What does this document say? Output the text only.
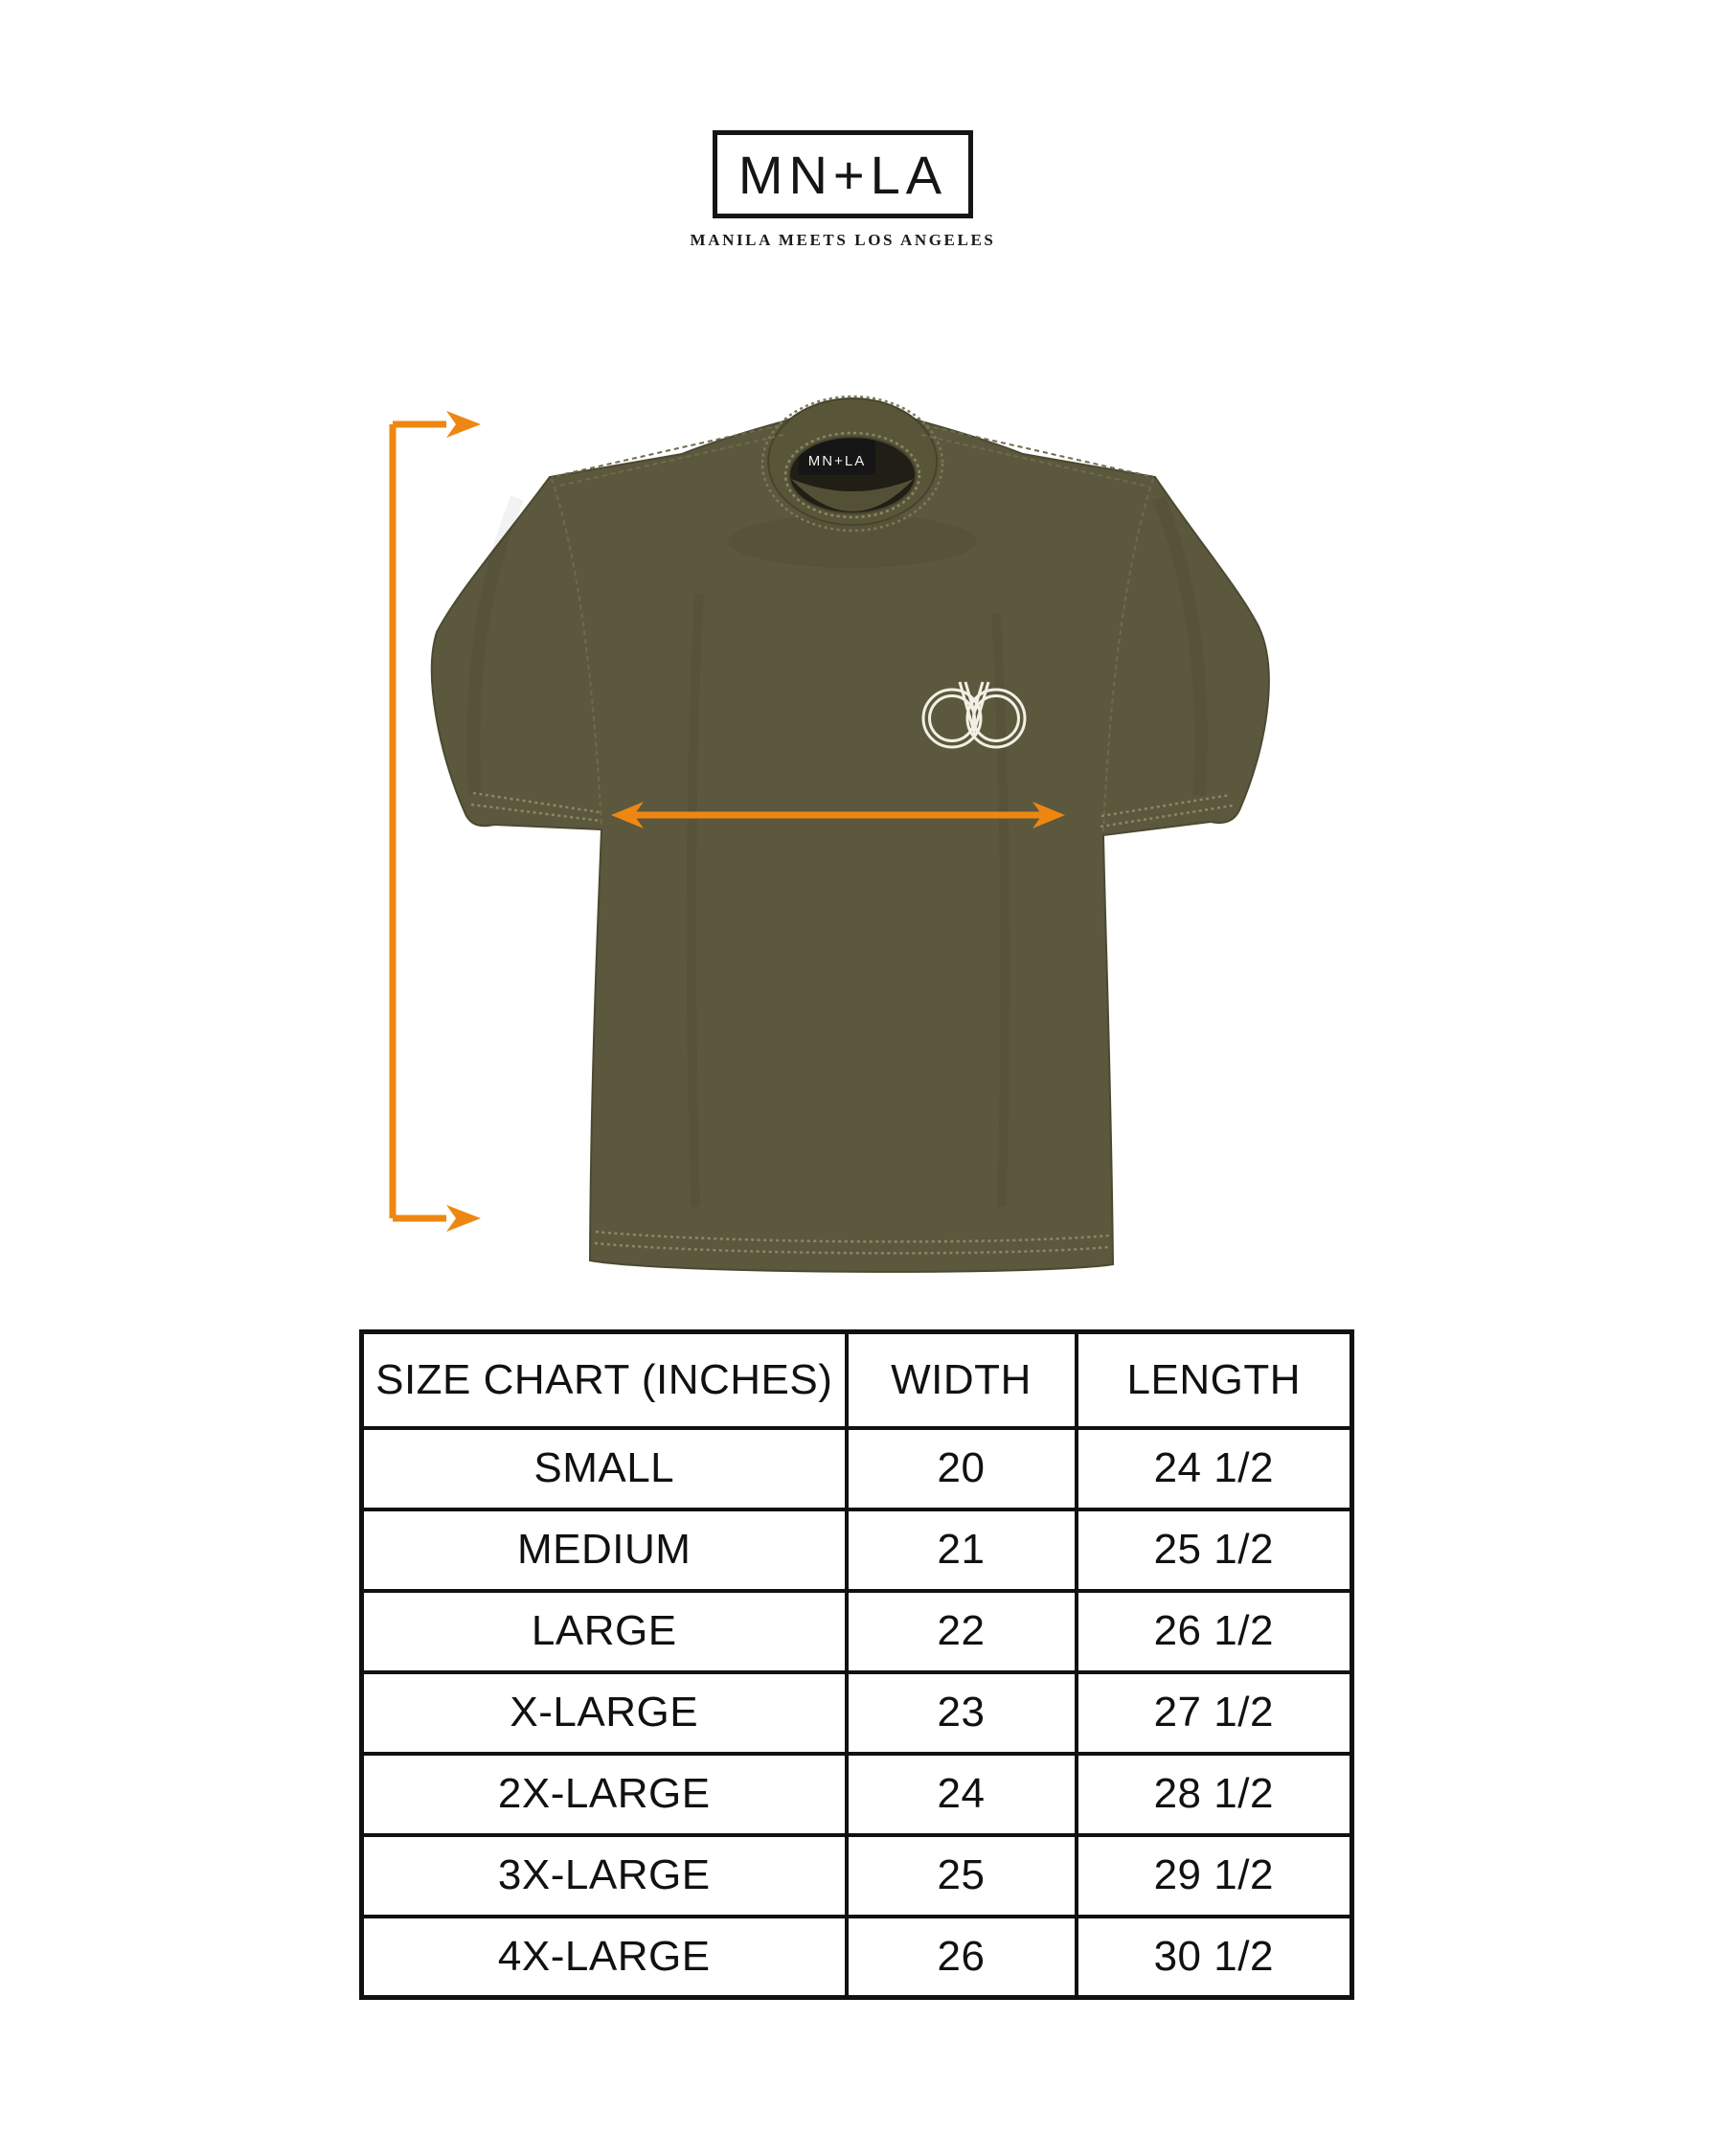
MN+LA
MANILA MEETS LOS ANGELES
MN+LA
SIZE CHART (INCHES)	WIDTH	LENGTH
SMALL	20	24 1/2
MEDIUM	21	25 1/2
LARGE	22	26 1/2
X-LARGE	23	27 1/2
2X-LARGE	24	28 1/2
3X-LARGE	25	29 1/2
4X-LARGE	26	30 1/2
